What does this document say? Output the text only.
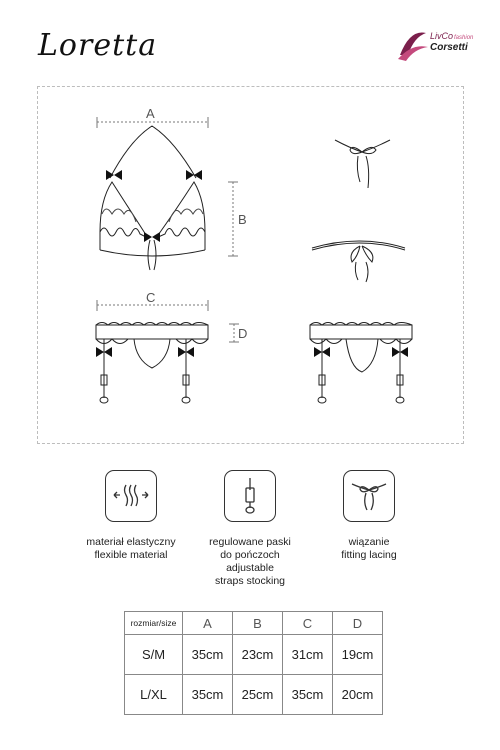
Loretta	LivCofashion
Corsetti
A
B
C
D
materiał elastyczny
flexible material
regulowane paski
do pończoch
adjustable
straps stocking
wiązanie
fitting lacing
rozmiar/size	A	B	C	D
S/M	35cm	23cm	31cm	19cm
L/XL	35cm	25cm	35cm	20cm
